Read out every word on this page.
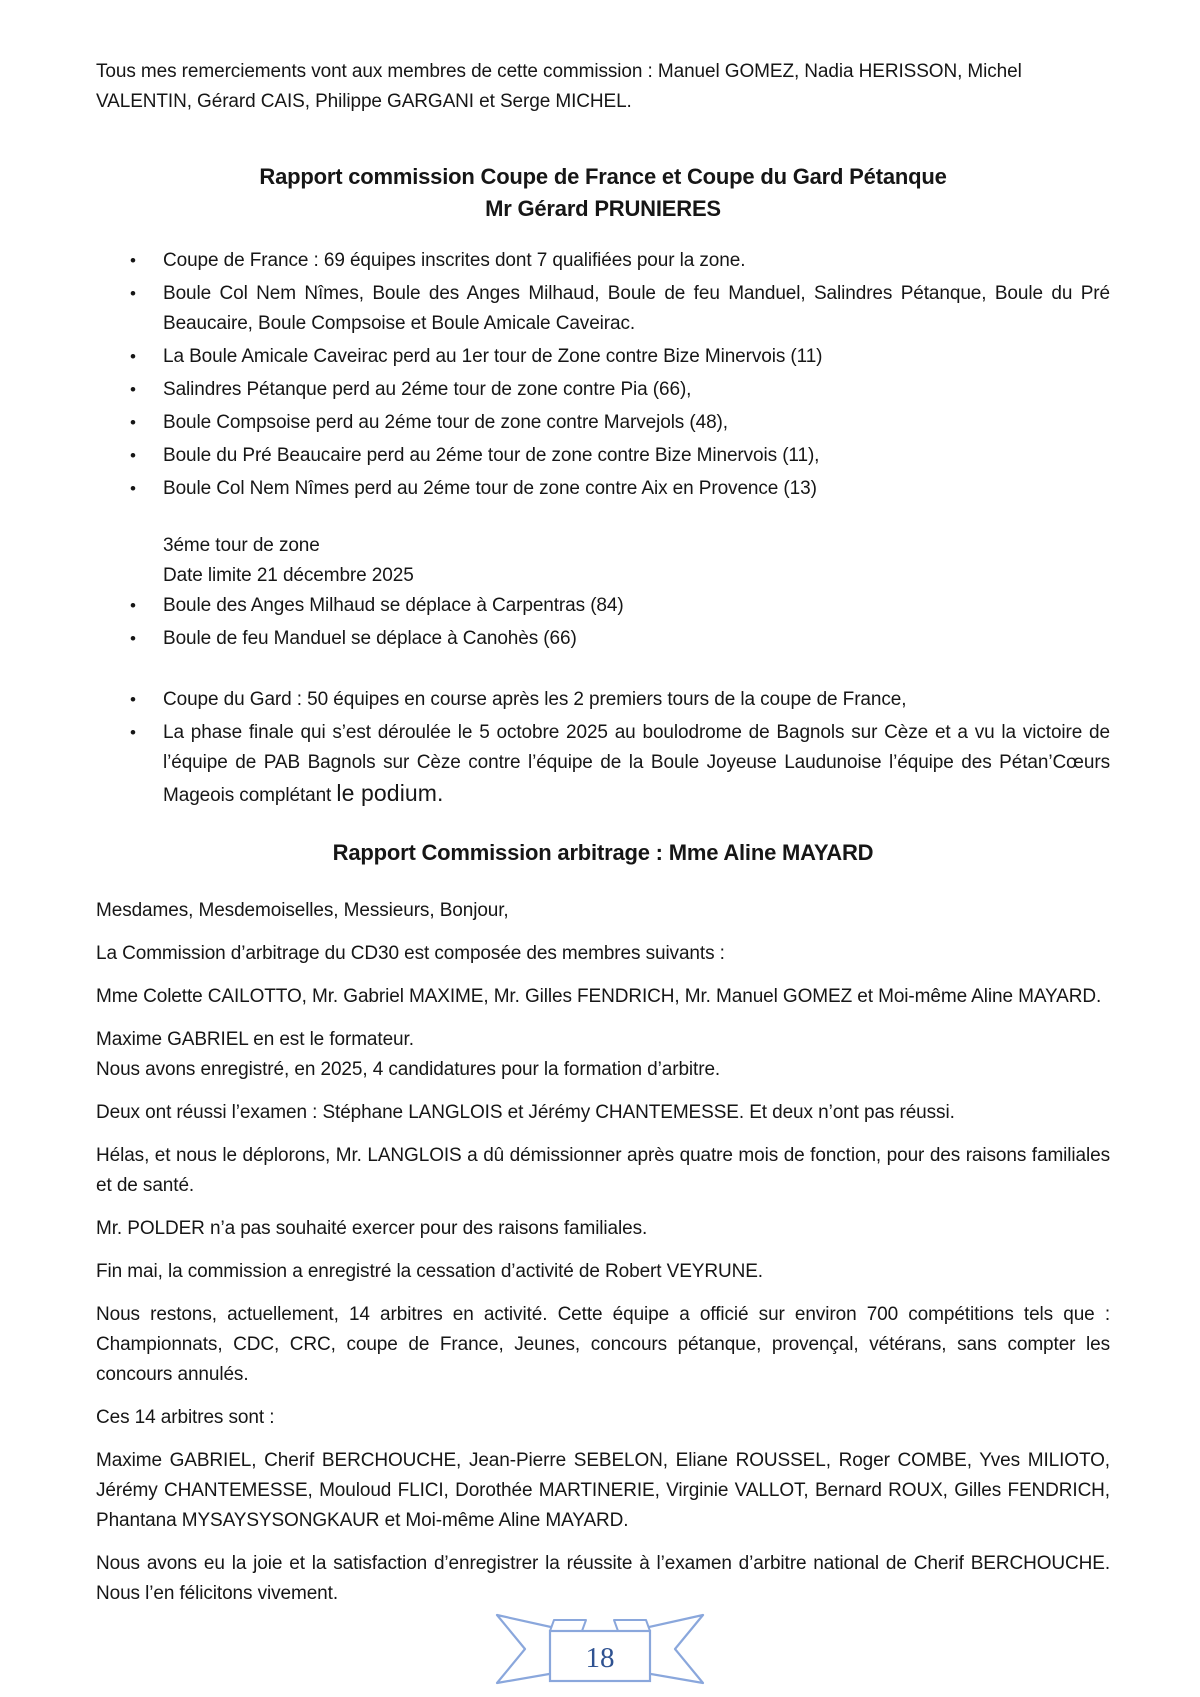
Tous mes remerciements vont aux membres de cette commission : Manuel GOMEZ, Nadia HERISSON, Michel VALENTIN, Gérard CAIS, Philippe GARGANI et Serge MICHEL.

Rapport commission Coupe de France et Coupe du Gard Pétanque
Mr Gérard PRUNIERES
• Coupe de France : 69 équipes inscrites dont 7 qualifiées pour la zone.
• Boule Col Nem Nîmes, Boule des Anges Milhaud, Boule de feu Manduel, Salindres Pétanque, Boule du Pré Beaucaire, Boule Compsoise et Boule Amicale Caveirac.
• La Boule Amicale Caveirac perd au 1er tour de Zone contre Bize Minervois (11)
• Salindres Pétanque perd au 2éme tour de zone contre Pia (66),
• Boule Compsoise perd au 2éme tour de zone contre Marvejols (48),
• Boule du Pré Beaucaire perd au 2éme tour de zone contre Bize Minervois (11),
• Boule Col Nem Nîmes perd au 2éme tour de zone contre Aix en Provence (13)
3éme tour de zone
Date limite 21 décembre 2025
• Boule des Anges Milhaud se déplace à Carpentras (84)
• Boule de feu Manduel se déplace à Canohès (66)
• Coupe du Gard : 50 équipes en course après les 2 premiers tours de la coupe de France,
• La phase finale qui s’est déroulée le 5 octobre 2025 au boulodrome de Bagnols sur Cèze et a vu la victoire de l’équipe de PAB Bagnols sur Cèze contre l’équipe de la Boule Joyeuse Laudunoise l’équipe des Pétan’Cœurs Mageois complétant le podium.
Rapport Commission arbitrage : Mme Aline MAYARD

Mesdames, Mesdemoiselles, Messieurs, Bonjour,

La Commission d’arbitrage du CD30 est composée des membres suivants :

Mme Colette CAILOTTO, Mr. Gabriel MAXIME, Mr. Gilles FENDRICH, Mr. Manuel GOMEZ et Moi-même Aline MAYARD.

Maxime GABRIEL en est le formateur.

Nous avons enregistré, en 2025, 4 candidatures pour la formation d’arbitre.

Deux ont réussi l’examen : Stéphane LANGLOIS et Jérémy CHANTEMESSE. Et deux n’ont pas réussi.

Hélas, et nous le déplorons, Mr. LANGLOIS a dû démissionner après quatre mois de fonction, pour des raisons familiales et de santé.

Mr. POLDER n’a pas souhaité exercer pour des raisons familiales.

Fin mai, la commission a enregistré la cessation d’activité de Robert VEYRUNE.

Nous restons, actuellement, 14 arbitres en activité. Cette équipe a officié sur environ 700 compétitions tels que : Championnats, CDC, CRC, coupe de France, Jeunes, concours pétanque, provençal, vétérans, sans compter les concours annulés.

Ces 14 arbitres sont :

Maxime GABRIEL, Cherif BERCHOUCHE, Jean-Pierre SEBELON, Eliane ROUSSEL, Roger COMBE, Yves MILIOTO, Jérémy CHANTEMESSE, Mouloud FLICI, Dorothée MARTINERIE, Virginie VALLOT, Bernard ROUX, Gilles FENDRICH, Phantana MYSAYSYSONGKAUR et Moi-même Aline MAYARD.

Nous avons eu la joie et la satisfaction d’enregistrer la réussite à l’examen d’arbitre national de Cherif BERCHOUCHE. Nous l’en félicitons vivement.

18
